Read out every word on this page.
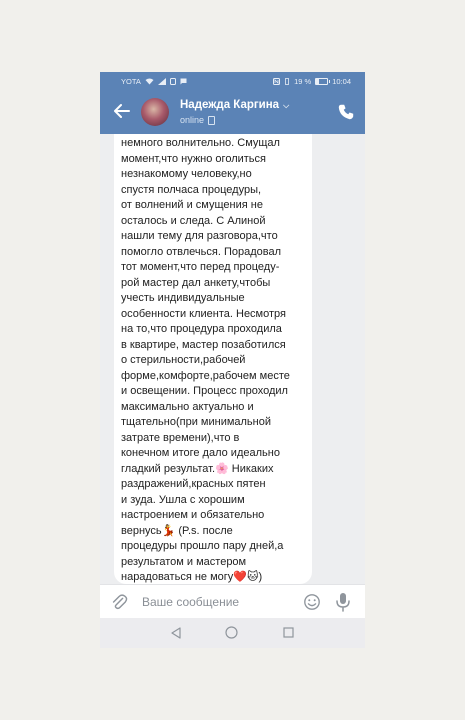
YOTA	19 %	10:04
Надежда Каргина ⌵
online

немного волнительно. Смущал
момент,что нужно оголиться
незнакомому человеку,но
спустя полчаса процедуры,
от волнений и смущения не
осталось и следа. С Алиной
нашли тему для разговора,что
помогло отвлечься. Порадовал
тот момент,что перед процеду-
рой мастер дал анкету,чтобы
учесть индивидуальные
особенности клиента. Несмотря
на то,что процедура проходила
в квартире, мастер позаботился
о стерильности,рабочей
форме,комфорте,рабочем месте
и освещении. Процесс проходил
максимально актуально и
тщательно(при минимальной
затрате времени),что в
конечном итоге дало идеально
гладкий результат.🌸 Никаких
раздражений,красных пятен
и зуда. Ушла с хорошим
настроением и обязательно
вернусь💃 (P.s. после
процедуры прошло пару дней,а
результатом и мастером
нарадоваться не могу❤️🐱)

Ваше сообщение
